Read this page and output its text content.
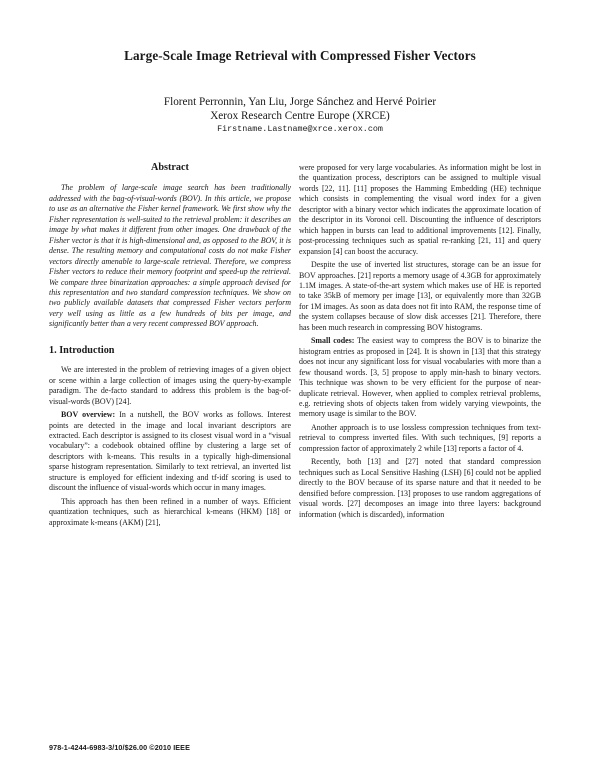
Large-Scale Image Retrieval with Compressed Fisher Vectors
Florent Perronnin, Yan Liu, Jorge Sánchez and Hervé Poirier
Xerox Research Centre Europe (XRCE)
Firstname.Lastname@xrce.xerox.com
Abstract

The problem of large-scale image search has been traditionally addressed with the bag-of-visual-words (BOV). In this article, we propose to use as an alternative the Fisher kernel framework. We first show why the Fisher representation is well-suited to the retrieval problem: it describes an image by what makes it different from other images. One drawback of the Fisher vector is that it is high-dimensional and, as opposed to the BOV, it is dense. The resulting memory and computational costs do not make Fisher vectors directly amenable to large-scale retrieval. Therefore, we compress Fisher vectors to reduce their memory footprint and speed-up the retrieval. We compare three binarization approaches: a simple approach devised for this representation and two standard compression techniques. We show on two publicly available datasets that compressed Fisher vectors perform very well using as little as a few hundreds of bits per image, and significantly better than a very recent compressed BOV approach.

1. Introduction

We are interested in the problem of retrieving images of a given object or scene within a large collection of images using the query-by-example paradigm. The de-facto standard to address this problem is the bag-of-visual-words (BOV) [24].

BOV overview: In a nutshell, the BOV works as follows. Interest points are detected in the image and local invariant descriptors are extracted. Each descriptor is assigned to its closest visual word in a “visual vocabulary”: a codebook obtained offline by clustering a large set of descriptors with k-means. This results in a typically high-dimensional sparse histogram representation. Similarly to text retrieval, an inverted list structure is employed for efficient indexing and tf-idf scoring is used to discount the influence of visual-words which occur in many images.

This approach has then been refined in a number of ways. Efficient quantization techniques, such as hierarchical k-means (HKM) [18] or approximate k-means (AKM) [21],

were proposed for very large vocabularies. As information might be lost in the quantization process, descriptors can be assigned to multiple visual words [22, 11]. [11] proposes the Hamming Embedding (HE) technique which consists in complementing the visual word index for a given descriptor with a binary vector which indicates the approximate location of the descriptor in its Voronoi cell. Discounting the influence of descriptors which happen in bursts can lead to additional improvements [12]. Finally, post-processing techniques such as spatial re-ranking [21, 11] and query expansion [4] can boost the accuracy.

Despite the use of inverted list structures, storage can be an issue for BOV approaches. [21] reports a memory usage of 4.3GB for approximately 1.1M images. A state-of-the-art system which makes use of HE is reported to take 35kB of memory per image [13], or equivalently more than 32GB for 1M images. As soon as data does not fit into RAM, the response time of the system collapses because of slow disk accesses [21]. Therefore, there has been much research in compressing BOV histograms.

Small codes: The easiest way to compress the BOV is to binarize the histogram entries as proposed in [24]. It is shown in [13] that this strategy does not incur any significant loss for visual vocabularies with more than a few thousand words. [3, 5] propose to apply min-hash to binary vectors. This technique was shown to be very efficient for the purpose of near-duplicate retrieval. However, when applied to complex retrieval problems, e.g. retrieving shots of objects taken from widely varying viewpoints, the memory usage is similar to the BOV.

Another approach is to use lossless compression techniques from text-retrieval to compress inverted files. With such techniques, [9] reports a compression factor of approximately 2 while [13] reports a factor of 4.

Recently, both [13] and [27] noted that standard compression techniques such as Local Sensitive Hashing (LSH) [6] could not be applied directly to the BOV because of its sparse nature and that it needed to be densified before compression. [13] proposes to use random aggregations of visual words. [27] decomposes an image into three layers: background information (which is discarded), information

978-1-4244-6983-3/10/$26.00 ©2010 IEEE
